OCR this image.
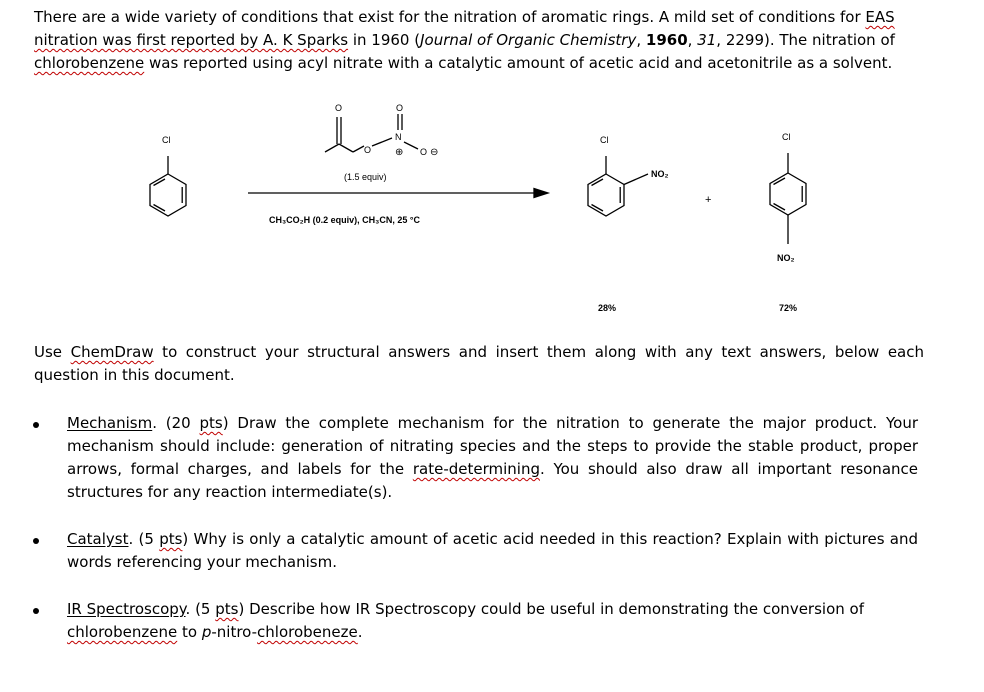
There are a wide variety of conditions that exist for the nitration of aromatic rings. A mild set of conditions for EAS
nitration was first reported by A. K Sparks in 1960 (Journal of Organic Chemistry, 1960, 31, 2299). The nitration of
chlorobenzene was reported using acyl nitrate with a catalytic amount of acetic acid and acetonitrile as a solvent.
Cl
O
O
O
O
N
⊕	⊖
(1.5 equiv)
CH₃CO₂H (0.2 equiv), CH₃CN, 25 °C
Cl
NO₂
+
Cl
NO₂
28%	72%
Use ChemDraw to construct your structural answers and insert them along with any text answers, below each question in this document.
Mechanism. (20 pts) Draw the complete mechanism for the nitration to generate the major product. Your mechanism should include: generation of nitrating species and the steps to provide the stable product, proper arrows, formal charges, and labels for the rate-determining. You should also draw all important resonance structures for any reaction intermediate(s).
Catalyst. (5 pts) Why is only a catalytic amount of acetic acid needed in this reaction? Explain with pictures and words referencing your mechanism.
IR Spectroscopy. (5 pts) Describe how IR Spectroscopy could be useful in demonstrating the conversion of
chlorobenzene to p-nitro-chlorobeneze.
